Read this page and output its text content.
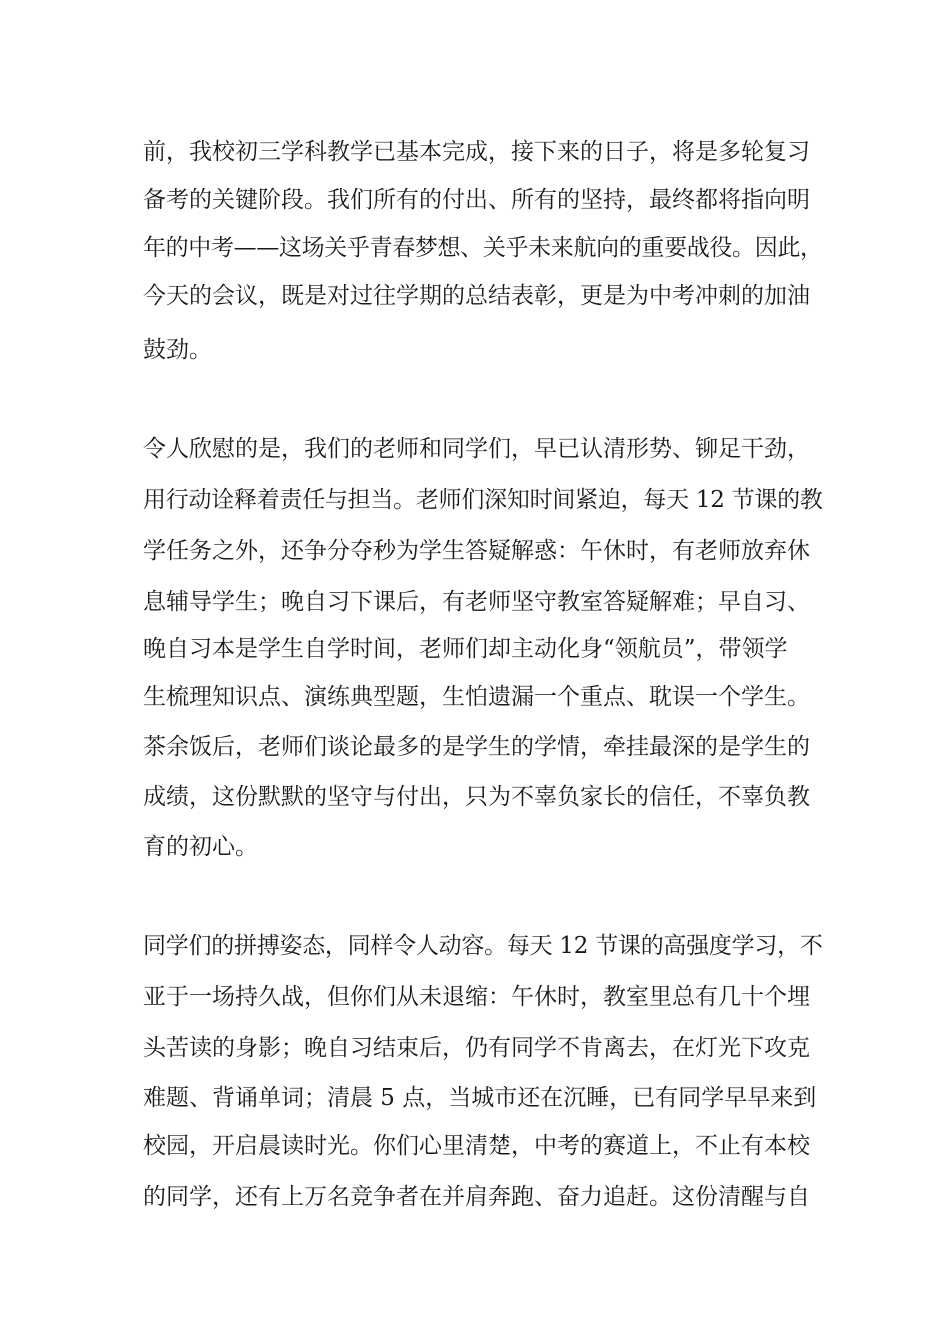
前，我校初三学科教学已基本完成，接下来的日子，将是多轮复习
备考的关键阶段。我们所有的付出、所有的坚持，最终都将指向明
年的中考——这场关乎青春梦想、关乎未来航向的重要战役。因此，
今天的会议，既是对过往学期的总结表彰，更是为中考冲刺的加油
鼓劲。
令人欣慰的是，我们的老师和同学们，早已认清形势、铆足干劲，
用行动诠释着责任与担当。老师们深知时间紧迫，每天 12 节课的教
学任务之外，还争分夺秒为学生答疑解惑：午休时，有老师放弃休
息辅导学生；晚自习下课后，有老师坚守教室答疑解难；早自习、
晚自习本是学生自学时间，老师们却主动化身“领航员”，带领学
生梳理知识点、演练典型题，生怕遗漏一个重点、耽误一个学生。
茶余饭后，老师们谈论最多的是学生的学情，牵挂最深的是学生的
成绩，这份默默的坚守与付出，只为不辜负家长的信任，不辜负教
育的初心。
同学们的拼搏姿态，同样令人动容。每天 12 节课的高强度学习，不
亚于一场持久战，但你们从未退缩：午休时，教室里总有几十个埋
头苦读的身影；晚自习结束后，仍有同学不肯离去，在灯光下攻克
难题、背诵单词；清晨 5 点，当城市还在沉睡，已有同学早早来到
校园，开启晨读时光。你们心里清楚，中考的赛道上，不止有本校
的同学，还有上万名竞争者在并肩奔跑、奋力追赶。这份清醒与自
